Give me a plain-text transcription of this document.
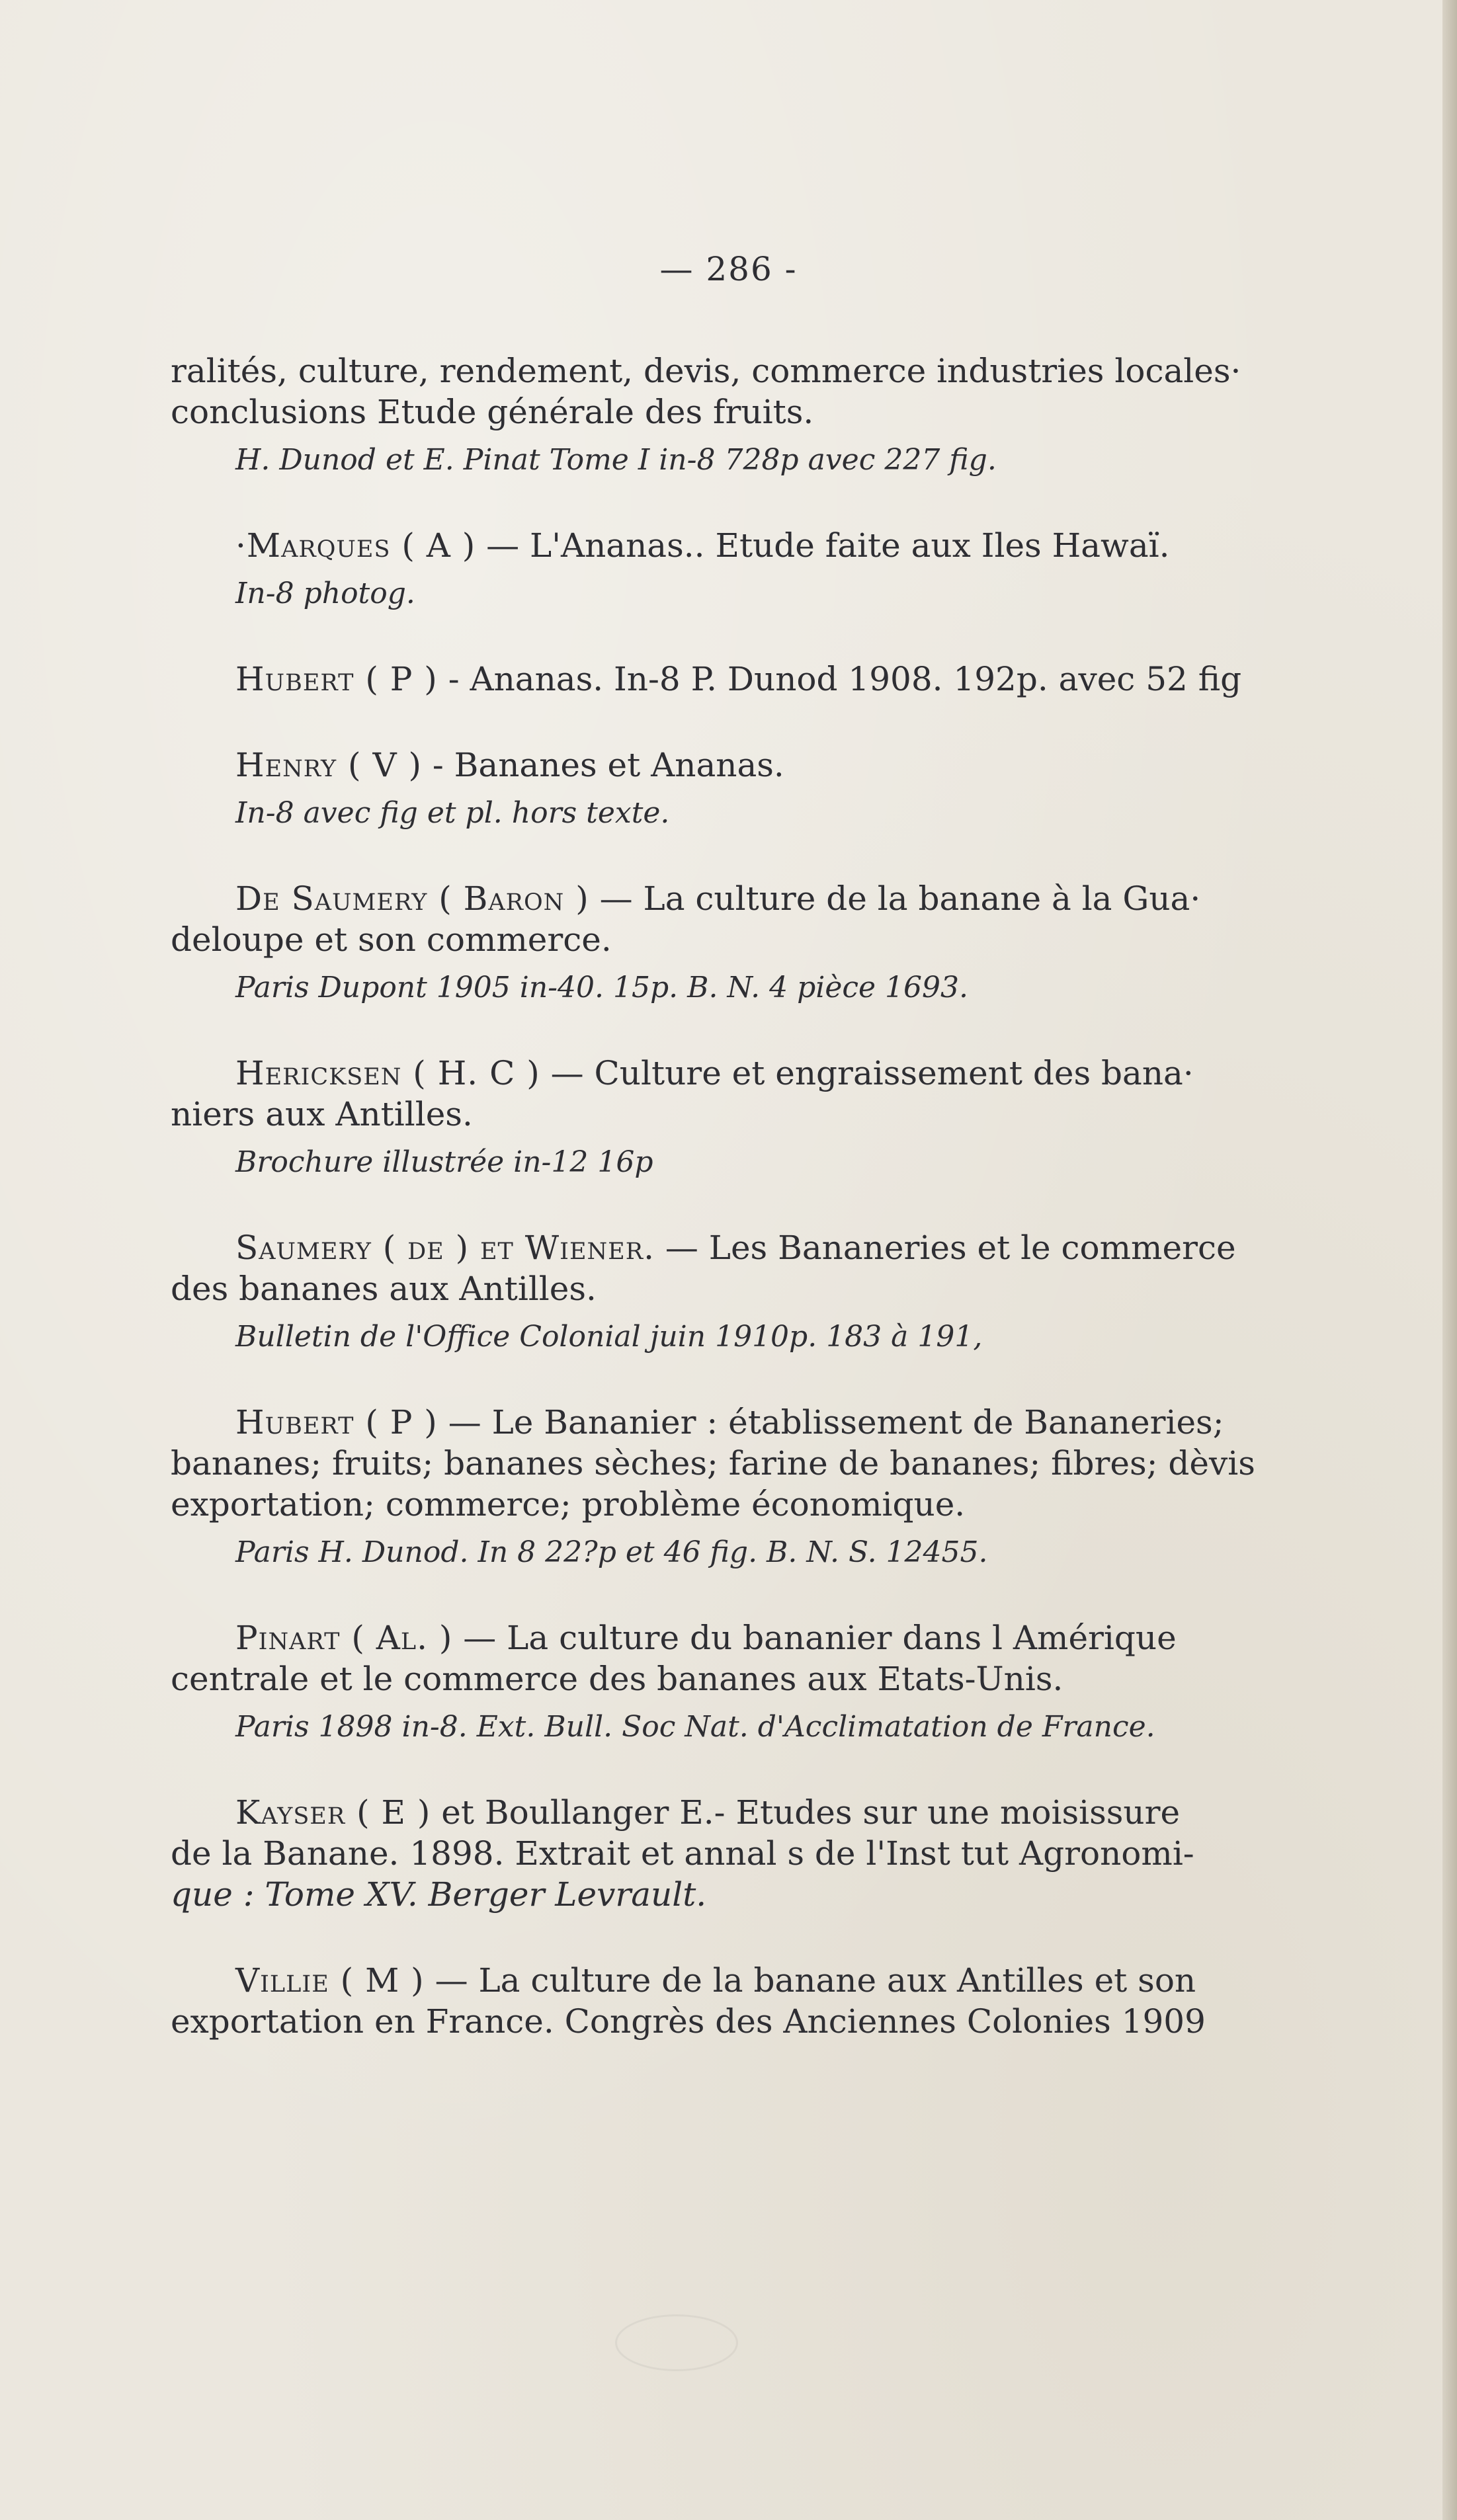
— 286 -

ralités, culture, rendement, devis, commerce industries locales·

conclusions Etude générale des fruits.

H. Dunod et E. Pinat Tome I in-8 728p avec 227 fig.

·Marques ( A ) — L'Ananas.. Etude faite aux Iles Hawaï.

In-8 photog.

Hubert ( P ) - Ananas. In-8 P. Dunod 1908. 192p. avec 52 fig

Henry ( V ) - Bananes et Ananas.

In-8 avec fig et pl. hors texte.

De Saumery ( Baron ) — La culture de la banane à la Gua·

deloupe et son commerce.

Paris Dupont 1905 in-40. 15p. B. N. 4 pièce 1693.

Hericksen ( H. C ) — Culture et engraissement des bana·

niers aux Antilles.

Brochure illustrée in-12 16p

Saumery ( de ) et Wiener. — Les Bananeries et le commerce

des bananes aux Antilles.

Bulletin de l'Office Colonial juin 1910p. 183 à 191,

Hubert ( P ) — Le Bananier : établissement de Bananeries;

bananes; fruits; bananes sèches; farine de bananes; fibres; dèvis

exportation; commerce; problème économique.

Paris H. Dunod. In 8 22?p et 46 fig. B. N. S. 12455.

Pinart ( Al. ) — La culture du bananier dans l Amérique

centrale et le commerce des bananes aux Etats-Unis.

Paris 1898 in-8. Ext. Bull. Soc Nat. d'Acclimatation de France.

Kayser ( E ) et Boullanger E.- Etudes sur une moisissure

de la Banane. 1898. Extrait et annal s de l'Inst tut Agronomi-

que : Tome XV. Berger Levrault.

Villie ( M ) — La culture de la banane aux Antilles et son

exportation en France. Congrès des Anciennes Colonies 1909
